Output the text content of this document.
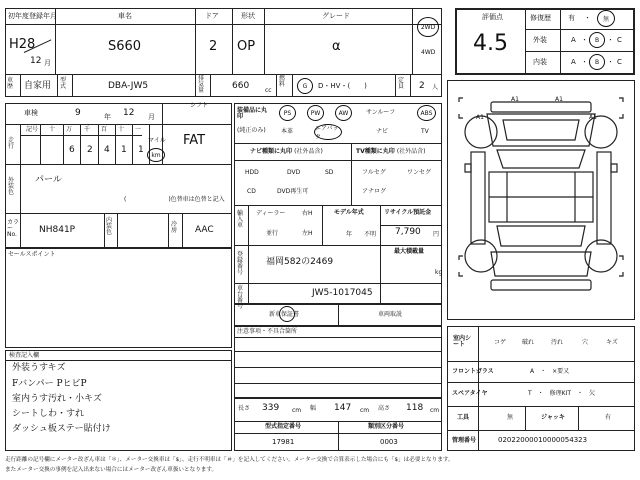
初年度登録年月
H28
12 月
車名
S660
ドア
2
形状
OP
グレード
α
2WD
4WD
評価点
4.5
修復歴 有 ・ 無
外装	A ・ B ・ C
内装	A ・ B ・ C
車歴	自家用
型式	DBA-JW5
排気量	660	cc
燃料	G D・HV・(　　)
定員	2 人
車検	9	年 12 月
シフト
FAT
走行
記号 十 万 千 百 十 一
6 2 4 1 1
マイル
km
外装色
パール
(　　　　　　　)色替車は色替と記入
カラーNo. NH841P
内装色
冷房 AAC
セールスポイント
検査記入欄
外装うすキズ
Fバンパー PヒビP
室内うす汚れ・小キズ
シートしわ・すれ
ダッシュ板ステー貼付け
装備品に丸印
(純正のみ)
PS	PW	AW	サンルーフ	ABS
本革	エアバック
ナビ	TV
ナビ種類に丸印 (社外品含)	TV種類に丸印 (社外品含)
HDD	DVD	SD
CD	DVD再生可
フルセグ	ワンセグ
アナログ
輸入車
ディーラー	右H
並行	左H
モデル年式
年 不明
リサイクル預託金
7,790 円
登録番号
福岡582の2469
最大積載量
kg
車台番号
JW5-1017045
新車保証書	車両取説
注意事項・不具合箇所
長さ 339 cm 幅 147 cm 高さ 118 cm
型式指定番号
17981
類別区分番号
0003
A1	A1
A1	A1
室内シート	コゲ	破れ	汚れ	穴	キズ
フロントガラス	A　・　×要又
スペアタイヤ	T　・　修理KIT　・　欠
工具	無	ジャッキ	有
管理番号	02022000010000054323
走行距離の記号欄にメーター改ざん車は「＊」、メーター交換車は「$」、走行不明車は「＃」を記入してください。メーター交換で合算表示した場合にも「$」は必要となります。
またメーター交換の事例を記入出来ない場合にはメーター改ざん車扱いとなります。
